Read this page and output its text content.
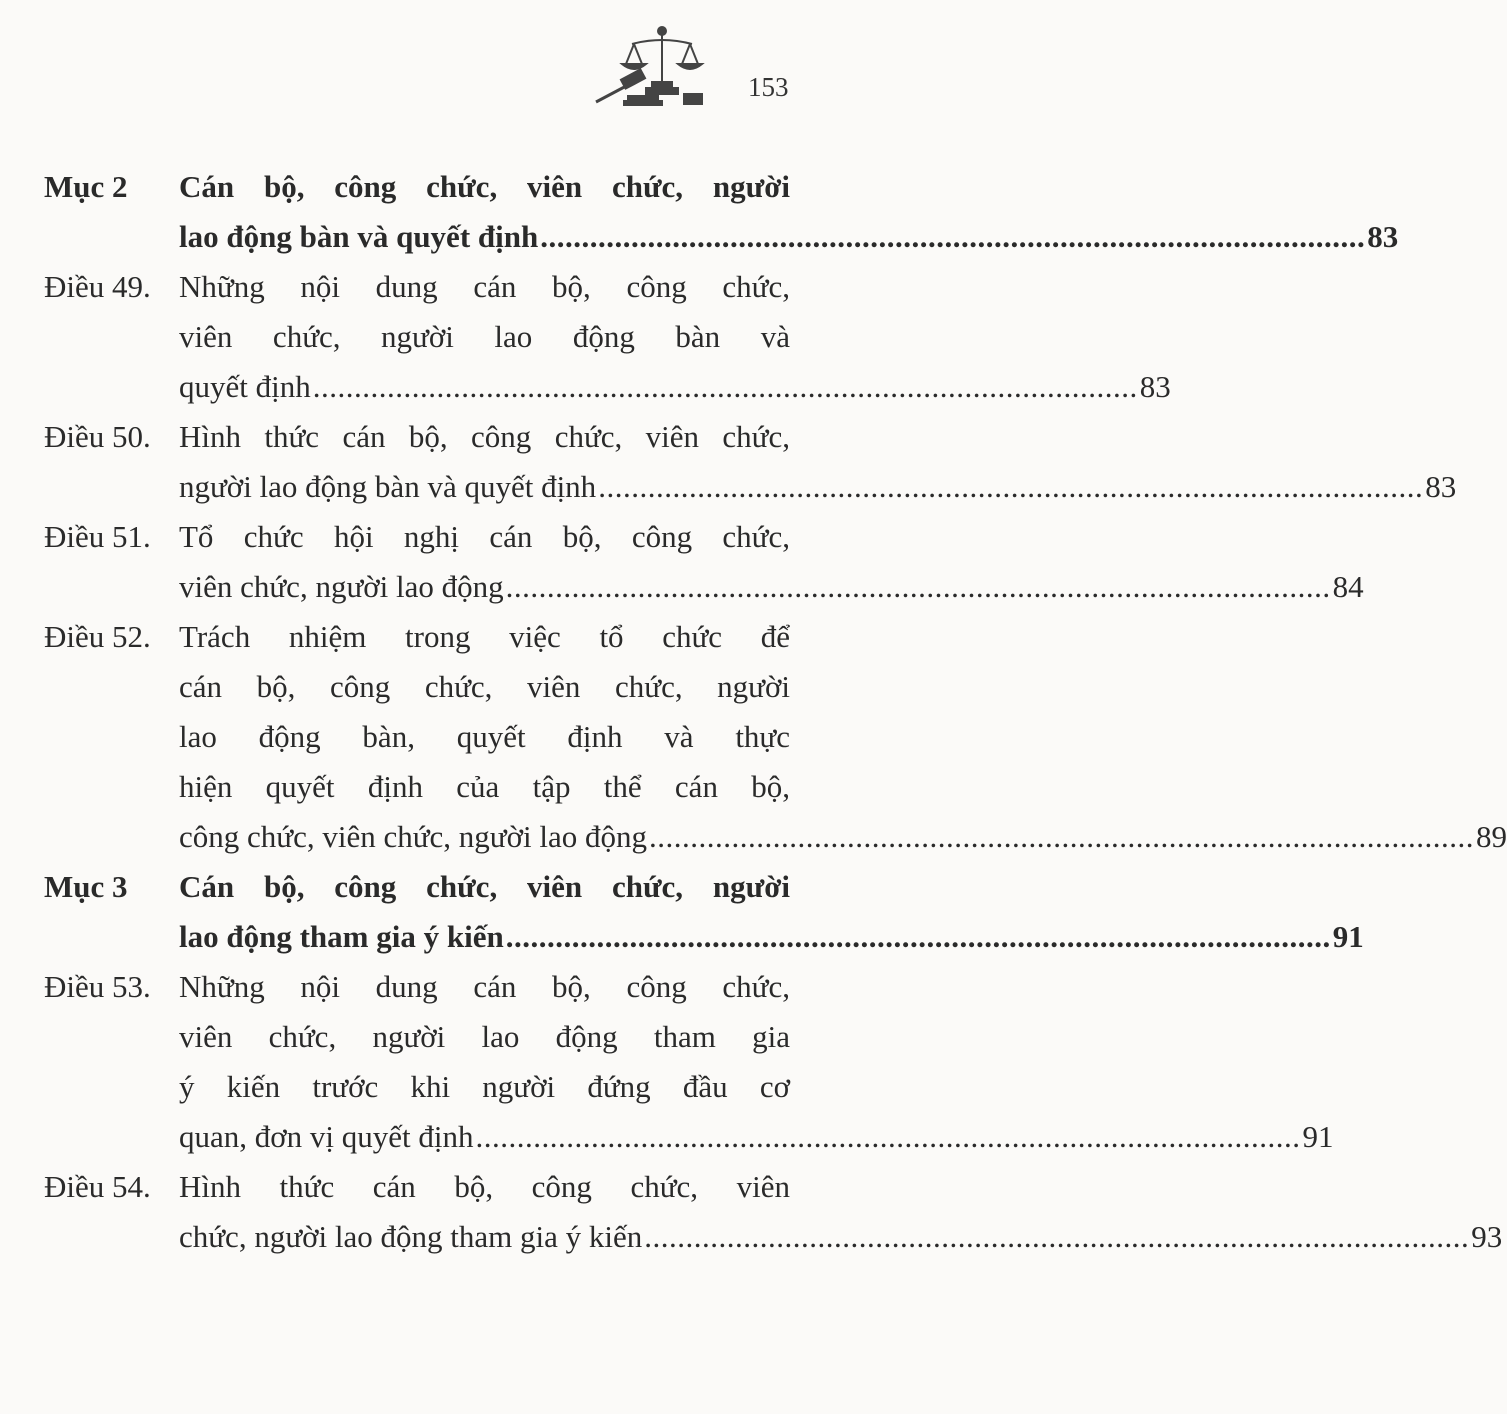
153
Mục 2 Cán bộ, công chức, viên chức, người
lao động bàn và quyết định .................................................................................................... 83
Điều 49. Những nội dung cán bộ, công chức,
viên chức, người lao động bàn và
quyết định .................................................................................................... 83
Điều 50. Hình thức cán bộ, công chức, viên chức,
người lao động bàn và quyết định .................................................................................................... 83
Điều 51. Tổ chức hội nghị cán bộ, công chức,
viên chức, người lao động .................................................................................................... 84
Điều 52. Trách nhiệm trong việc tổ chức để
cán bộ, công chức, viên chức, người
lao động bàn, quyết định và thực
hiện quyết định của tập thể cán bộ,
công chức, viên chức, người lao động .................................................................................................... 89
Mục 3 Cán bộ, công chức, viên chức, người
lao động tham gia ý kiến .................................................................................................... 91
Điều 53. Những nội dung cán bộ, công chức,
viên chức, người lao động tham gia
ý kiến trước khi người đứng đầu cơ
quan, đơn vị quyết định .................................................................................................... 91
Điều 54. Hình thức cán bộ, công chức, viên
chức, người lao động tham gia ý kiến .................................................................................................... 93
